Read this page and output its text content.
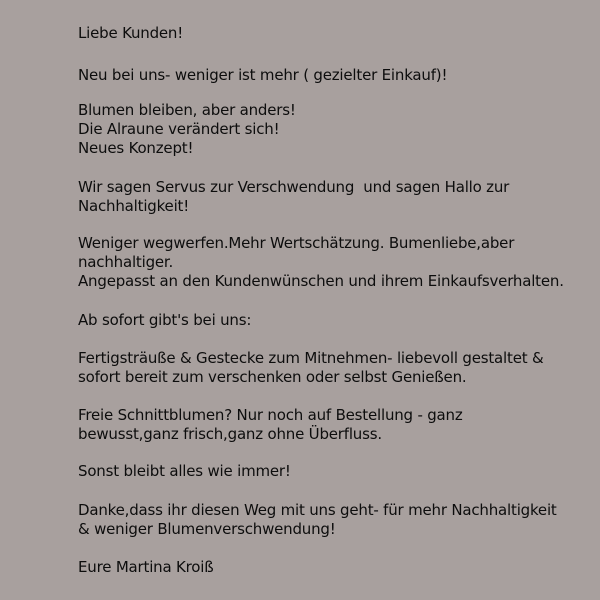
Liebe Kunden!

Neu bei uns- weniger ist mehr ( gezielter Einkauf)!

Blumen bleiben, aber anders!

Die Alraune verändert sich!

Neues Konzept!

Wir sagen Servus zur Verschwendung  und sagen Hallo zur

Nachhaltigkeit!

Weniger wegwerfen.Mehr Wertschätzung. Bumenliebe,aber

nachhaltiger.

Angepasst an den Kundenwünschen und ihrem Einkaufsverhalten.

Ab sofort gibt's bei uns:

Fertigsträuße & Gestecke zum Mitnehmen- liebevoll gestaltet &

sofort bereit zum verschenken oder selbst Genießen.

Freie Schnittblumen? Nur noch auf Bestellung - ganz

bewusst,ganz frisch,ganz ohne Überfluss.

Sonst bleibt alles wie immer!

Danke,dass ihr diesen Weg mit uns geht- für mehr Nachhaltigkeit

& weniger Blumenverschwendung!

Eure Martina Kroiß
